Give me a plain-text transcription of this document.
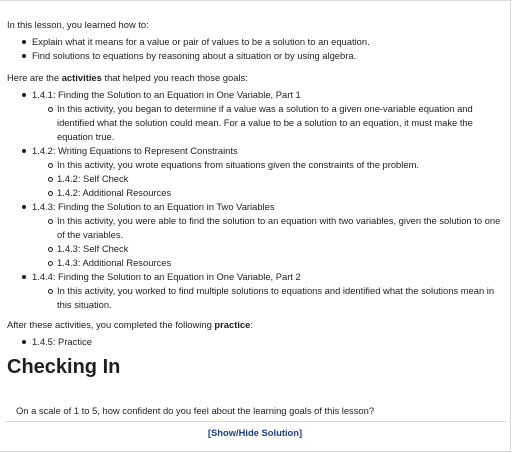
In this lesson, you learned how to:

Explain what it means for a value or pair of values to be a solution to an equation.
Find solutions to equations by reasoning about a situation or by using algebra.

Here are the activities that helped you reach those goals:

1.4.1: Finding the Solution to an Equation in One Variable, Part 1
In this activity, you began to determine if a value was a solution to a given one-variable equation and identified what the solution could mean. For a value to be a solution to an equation, it must make the equation true.
1.4.2: Writing Equations to Represent Constraints
In this activity, you wrote equations from situations given the constraints of the problem.
1.4.2: Self Check
1.4.2: Additional Resources
1.4.3: Finding the Solution to an Equation in Two Variables
In this activity, you were able to find the solution to an equation with two variables, given the solution to one of the variables.
1.4.3: Self Check
1.4.3: Additional Resources
1.4.4: Finding the Solution to an Equation in One Variable, Part 2
In this activity, you worked to find multiple solutions to equations and identified what the solutions mean in this situation.

After these activities, you completed the following practice:

1.4.5: Practice
Checking In

On a scale of 1 to 5, how confident do you feel about the learning goals of this lesson?

[Show/Hide Solution]
